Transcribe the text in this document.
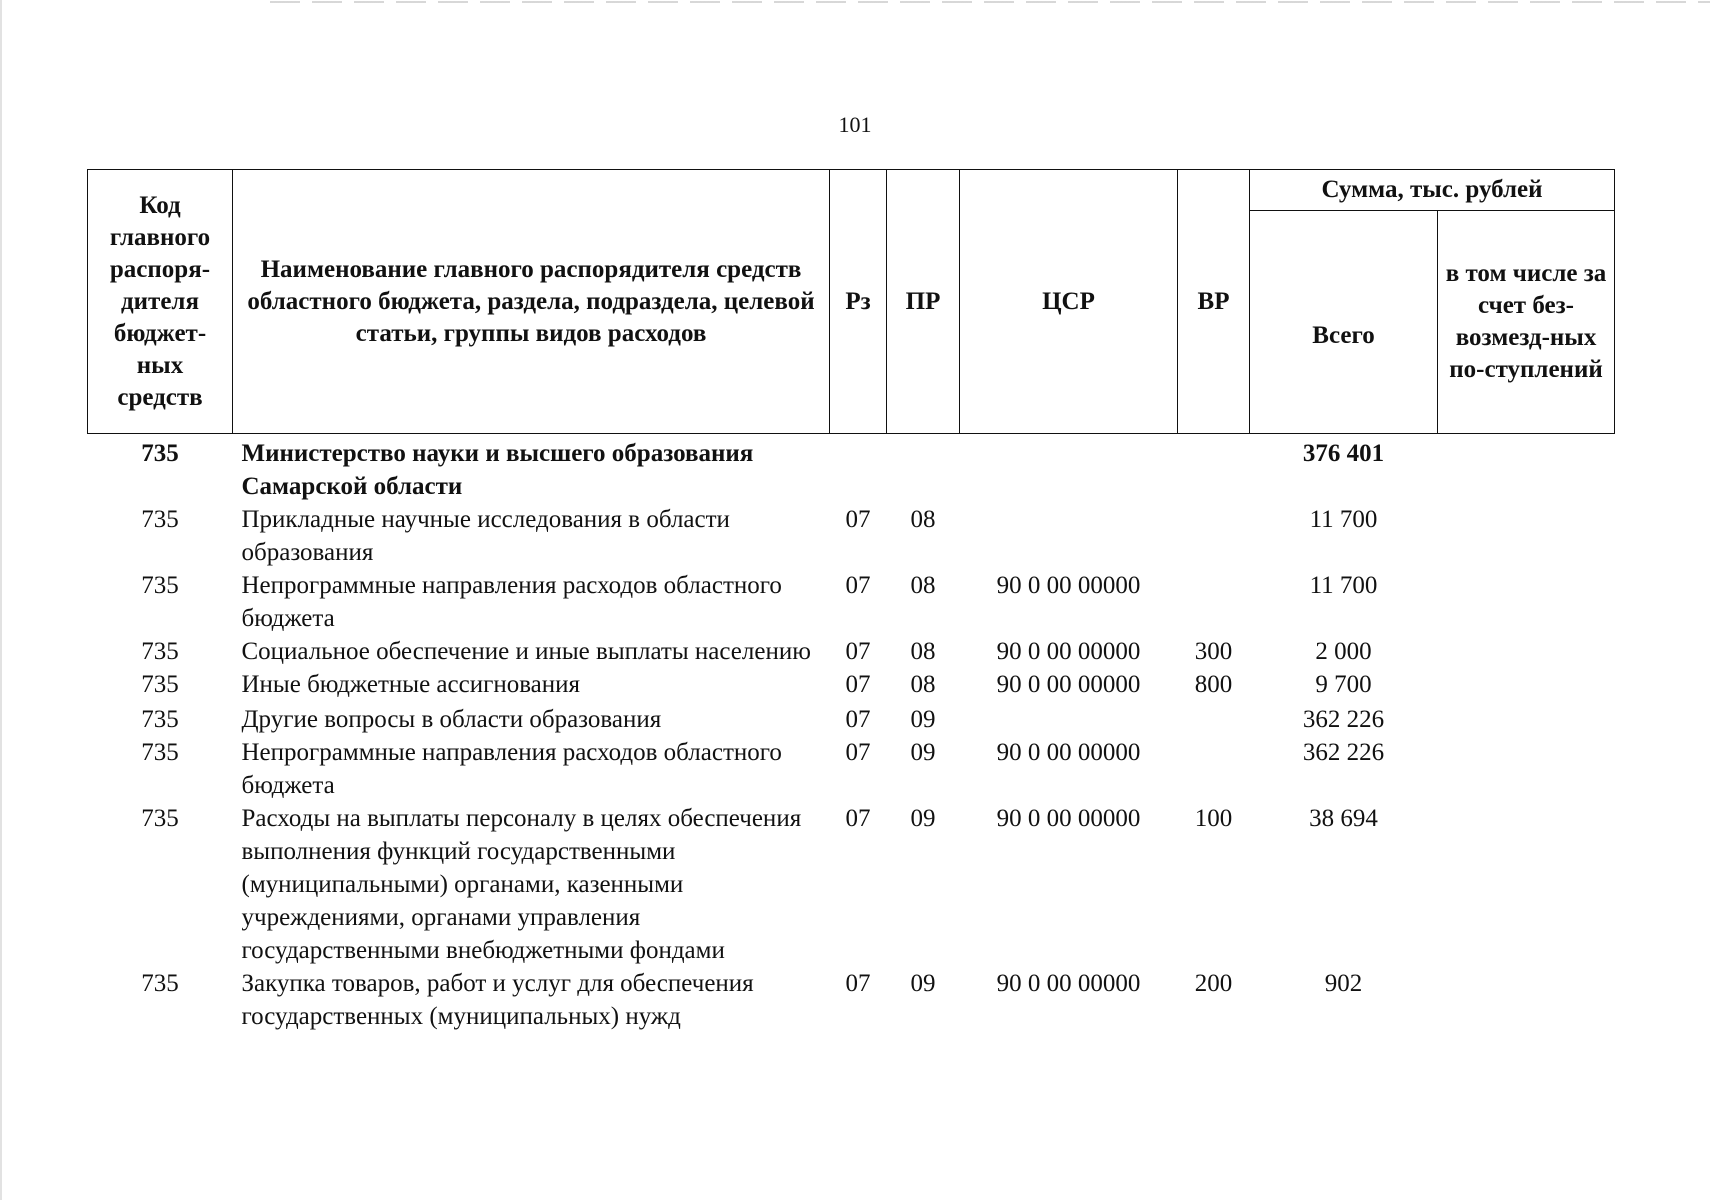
101
Код главного распоря-дителя бюджет-ных средств	Наименование главного распорядителя средств областного бюджета, раздела, подраздела, целевой статьи, группы видов расходов	Рз	ПР	ЦСР	ВР	Сумма, тыс. рублей	
						Всего	в том числе за счет без-возмезд-ных по-ступлений
735	Министерство науки и высшего образования Самарской области					376 401	
735	Прикладные научные исследования в области образования	07	08			11 700	
735	Непрограммные направления расходов областного бюджета	07	08	90 0 00 00000		11 700	
735	Социальное обеспечение и иные выплаты населению	07	08	90 0 00 00000	300	2 000	
735	Иные бюджетные ассигнования	07	08	90 0 00 00000	800	9 700	
735	Другие вопросы в области образования	07	09			362 226	
735	Непрограммные направления расходов областного бюджета	07	09	90 0 00 00000		362 226	
735	Расходы на выплаты персоналу в целях обеспечения выполнения функций государственными (муниципальными) органами, казенными учреждениями, органами управления государственными внебюджетными фондами	07	09	90 0 00 00000	100	38 694	
735	Закупка товаров, работ и услуг для обеспечения государственных (муниципальных) нужд	07	09	90 0 00 00000	200	902	
